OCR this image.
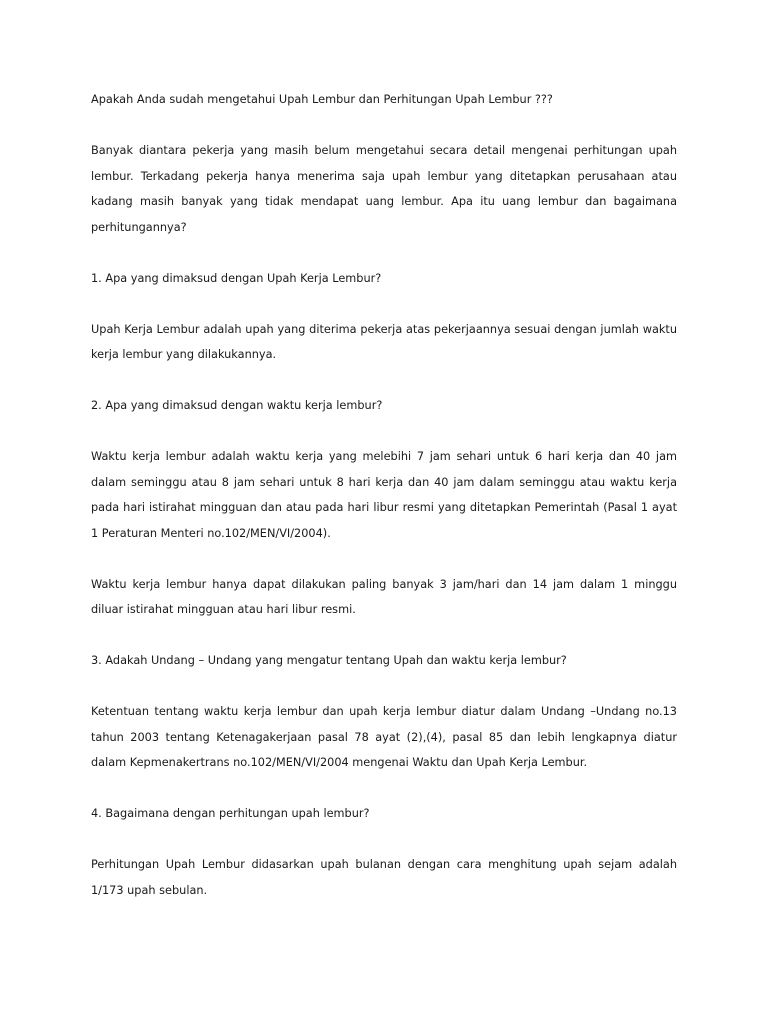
Apakah Anda sudah mengetahui Upah Lembur dan Perhitungan Upah Lembur ???

Banyak diantara pekerja yang masih belum mengetahui secara detail mengenai perhitungan upah lembur. Terkadang pekerja hanya menerima saja upah lembur yang ditetapkan perusahaan atau kadang masih banyak yang tidak mendapat uang lembur. Apa itu uang lembur dan bagaimana perhitungannya?

1. Apa yang dimaksud dengan Upah Kerja Lembur?

Upah Kerja Lembur adalah upah yang diterima pekerja atas pekerjaannya sesuai dengan jumlah waktu kerja lembur yang dilakukannya.

2. Apa yang dimaksud dengan waktu kerja lembur?

Waktu kerja lembur adalah waktu kerja yang melebihi 7 jam sehari untuk 6 hari kerja dan 40 jam dalam seminggu atau 8 jam sehari untuk 8 hari kerja dan 40 jam dalam seminggu atau waktu kerja pada hari istirahat mingguan dan atau pada hari libur resmi yang ditetapkan Pemerintah (Pasal 1 ayat 1 Peraturan Menteri no.102/MEN/VI/2004).

Waktu kerja lembur hanya dapat dilakukan paling banyak 3 jam/hari dan 14 jam dalam 1 minggu diluar istirahat mingguan atau hari libur resmi.

3. Adakah Undang – Undang yang mengatur tentang Upah dan waktu kerja lembur?

Ketentuan tentang waktu kerja lembur dan upah kerja lembur diatur dalam Undang –Undang no.13 tahun 2003 tentang Ketenagakerjaan pasal 78 ayat (2),(4), pasal 85 dan lebih lengkapnya diatur dalam Kepmenakertrans no.102/MEN/VI/2004 mengenai Waktu dan Upah Kerja Lembur.

4. Bagaimana dengan perhitungan upah lembur?

Perhitungan Upah Lembur didasarkan upah bulanan dengan cara menghitung upah sejam adalah 1/173 upah sebulan.
